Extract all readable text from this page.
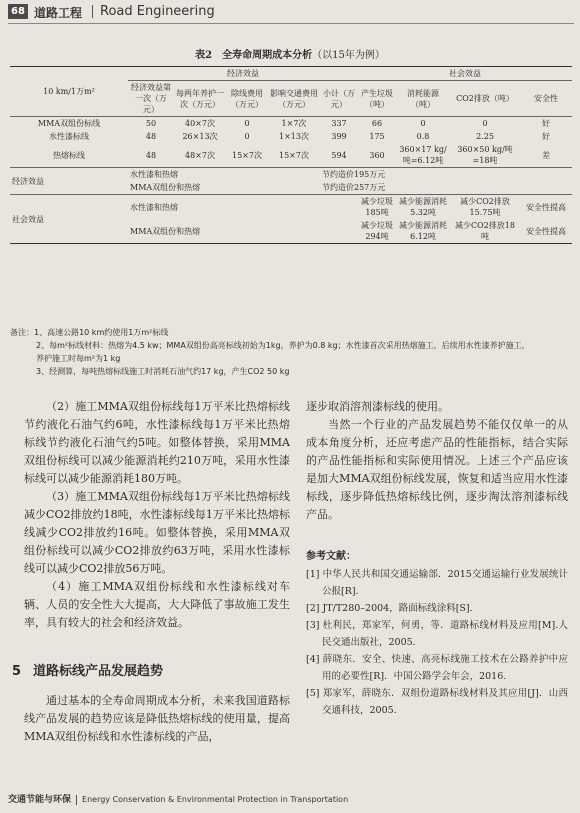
68 道路工程 Road Engineering
表2　全寿命周期成本分析（以15年为例）
10 km/1万m²	经济效益					社会效益			
	经济效益第一次（万元）	每两年养护一次（万元）	除线费用（万元）	影响交通费用（万元）	小计（万元）	产生垃圾（吨）	消耗能源（吨）	CO2排放（吨）	安全性
MMA双组份标线	50	40×7次	0	1×7次	337	66	0	0	好
水性漆标线	48	26×13次	0	1×13次	399	175	0.8	2.25	好
热熔标线	48	48×7次	15×7次	15×7次	594	360	360×17 kg/吨=6.12吨	360×50 kg/吨=18吨	差
经济效益	水性漆和热熔				节约造价195万元				
	MMA双组份和热熔				节约造价257万元				
社会效益	水性漆和热熔					减少垃圾185吨	减少能源消耗5.32吨	减少CO2排放15.75吨	安全性提高
	MMA双组份和热熔					减少垃圾294吨	减少能源消耗6.12吨	减少CO2排放18吨	安全性提高
备注：1、高速公路10 km约使用1万m²标线
2、每m²标线材料：热熔为4.5 kw；MMA双组份高亮标线初始为1kg，养护为0.8 kg；水性漆首次采用热熔施工，后续用水性漆养护施工，
养护施工时每m²为1 kg
3、经测算，每吨热熔标线施工时消耗石油气约17 kg，产生CO2 50 kg

（2）施工MMA双组份标线每1万平米比热熔标线节约液化石油气约6吨，水性漆标线每1万平米比热熔标线节约液化石油气约5吨。如整体替换，采用MMA双组份标线可以减少能源消耗约210万吨，采用水性漆标线可以减少能源消耗180万吨。

（3）施工MMA双组份标线每1万平米比热熔标线减少CO2排放约18吨，水性漆标线每1万平米比热熔标线减少CO2排放约16吨。如整体替换，采用MMA双组份标线可以减少CO2排放约63万吨，采用水性漆标线可以减少CO2排放56万吨。

（4）施工MMA双组份标线和水性漆标线对车辆、人员的安全性大大提高，大大降低了事故施工发生率，具有较大的社会和经济效益。

5 道路标线产品发展趋势

通过基本的全寿命周期成本分析，未来我国道路标线产品发展的趋势应该是降低热熔标线的使用量，提高MMA双组份标线和水性漆标线的产品，

逐步取消溶剂漆标线的使用。

当然一个行业的产品发展趋势不能仅仅单一的从成本角度分析，还应考虑产品的性能指标，结合实际的产品性能指标和实际使用情况。上述三个产品应该是加大MMA双组份标线发展，恢复和适当应用水性漆标线，逐步降低热熔标线比例，逐步淘汰溶剂漆标线产品。

参考文献：
[1] 中华人民共和国交通运输部．2015交通运输行业发展统计公报[R].
[2] JT/T280–2004，路面标线涂料[S].
[3] 杜利民，郑家军，何勇，等．道路标线材料及应用[M].人民交通出版社，2005.
[4] 薛晓东．安全、快速、高亮标线施工技术在公路养护中应用的必要性[R]．中国公路学会年会，2016.
[5] 郑家军，薛晓东．双组份道路标线材料及其应用[J]．山西交通科技，2005.
交通节能与环保 Energy Conservation & Environmental Protection in Transportation
